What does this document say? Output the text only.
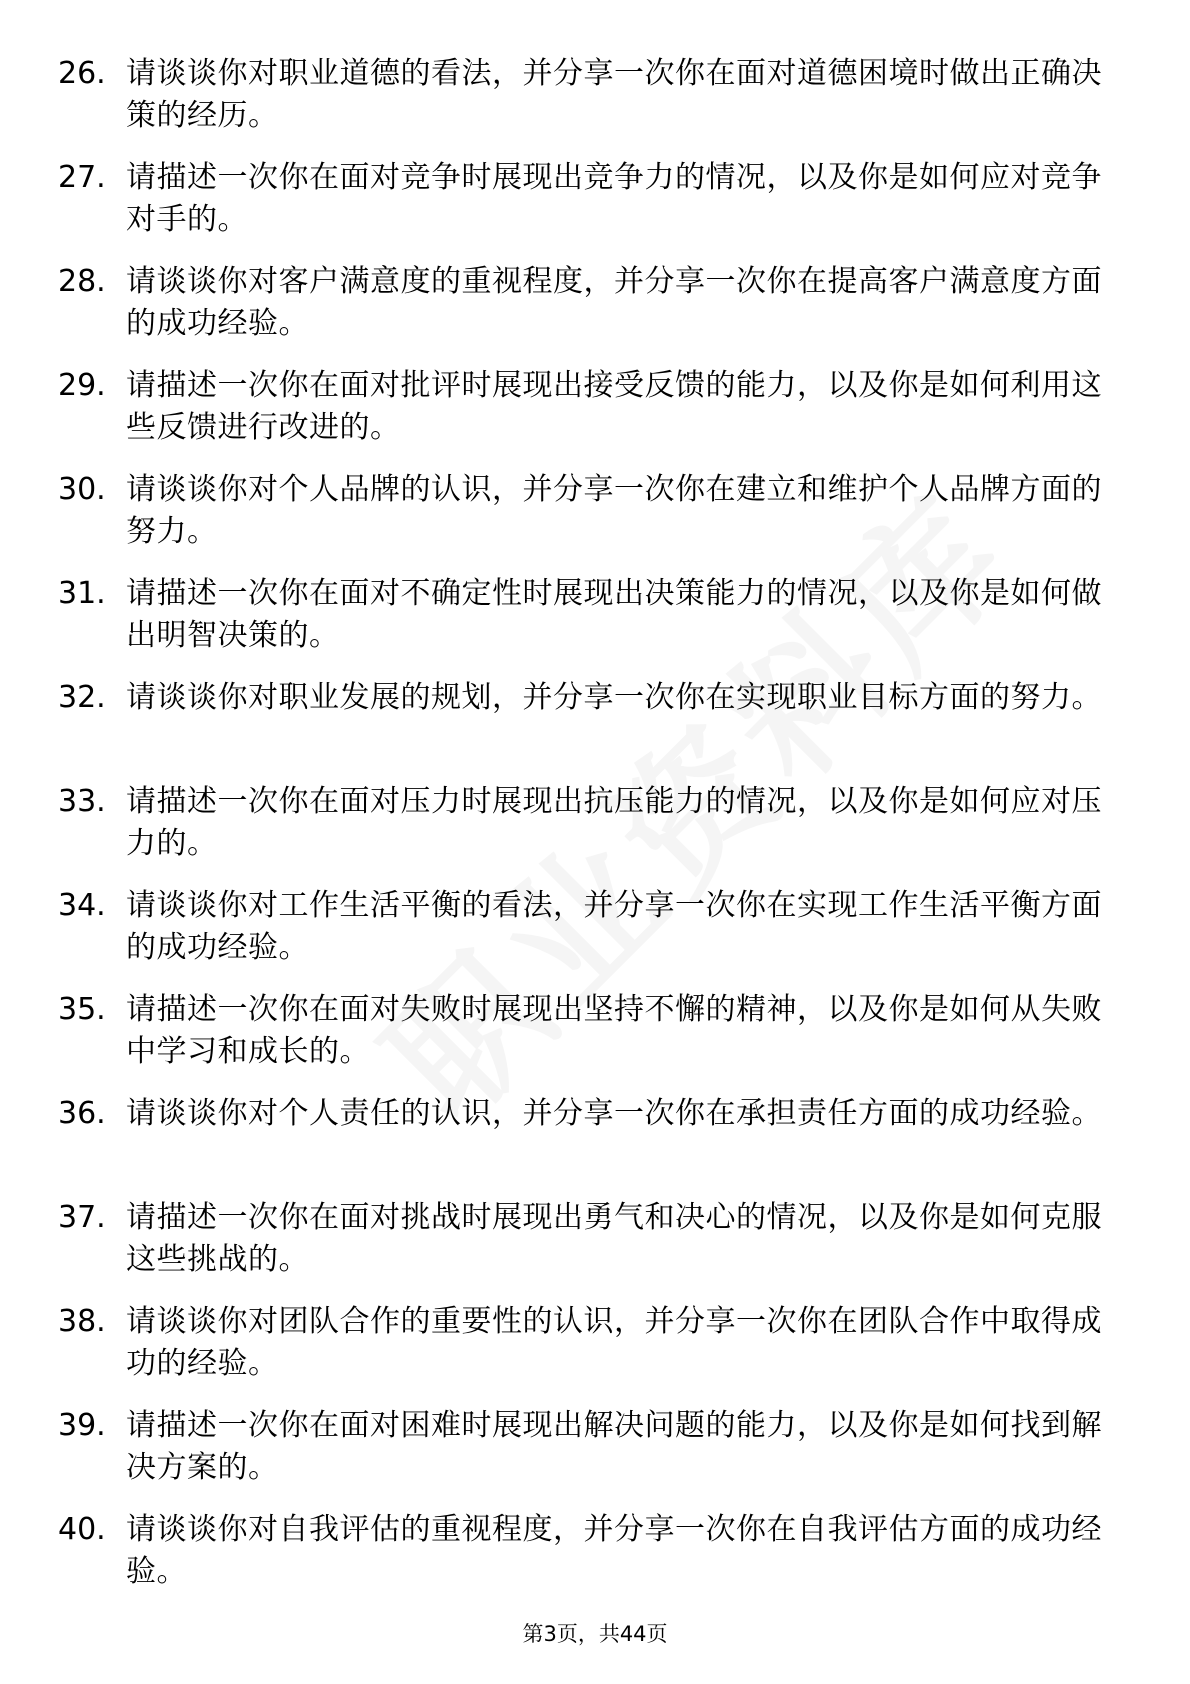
26. 请谈谈你对职业道德的看法，并分享一次你在面对道德困境时做出正确决策的经历。
27. 请描述一次你在面对竞争时展现出竞争力的情况，以及你是如何应对竞争对手的。
28. 请谈谈你对客户满意度的重视程度，并分享一次你在提高客户满意度方面的成功经验。
29. 请描述一次你在面对批评时展现出接受反馈的能力，以及你是如何利用这些反馈进行改进的。
30. 请谈谈你对个人品牌的认识，并分享一次你在建立和维护个人品牌方面的努力。
31. 请描述一次你在面对不确定性时展现出决策能力的情况，以及你是如何做出明智决策的。
32. 请谈谈你对职业发展的规划，并分享一次你在实现职业目标方面的努力。
33. 请描述一次你在面对压力时展现出抗压能力的情况，以及你是如何应对压力的。
34. 请谈谈你对工作生活平衡的看法，并分享一次你在实现工作生活平衡方面的成功经验。
35. 请描述一次你在面对失败时展现出坚持不懈的精神，以及你是如何从失败中学习和成长的。
36. 请谈谈你对个人责任的认识，并分享一次你在承担责任方面的成功经验。
37. 请描述一次你在面对挑战时展现出勇气和决心的情况，以及你是如何克服这些挑战的。
38. 请谈谈你对团队合作的重要性的认识，并分享一次你在团队合作中取得成功的经验。
39. 请描述一次你在面对困难时展现出解决问题的能力，以及你是如何找到解决方案的。
40. 请谈谈你对自我评估的重视程度，并分享一次你在自我评估方面的成功经验。
第3页，共44页
